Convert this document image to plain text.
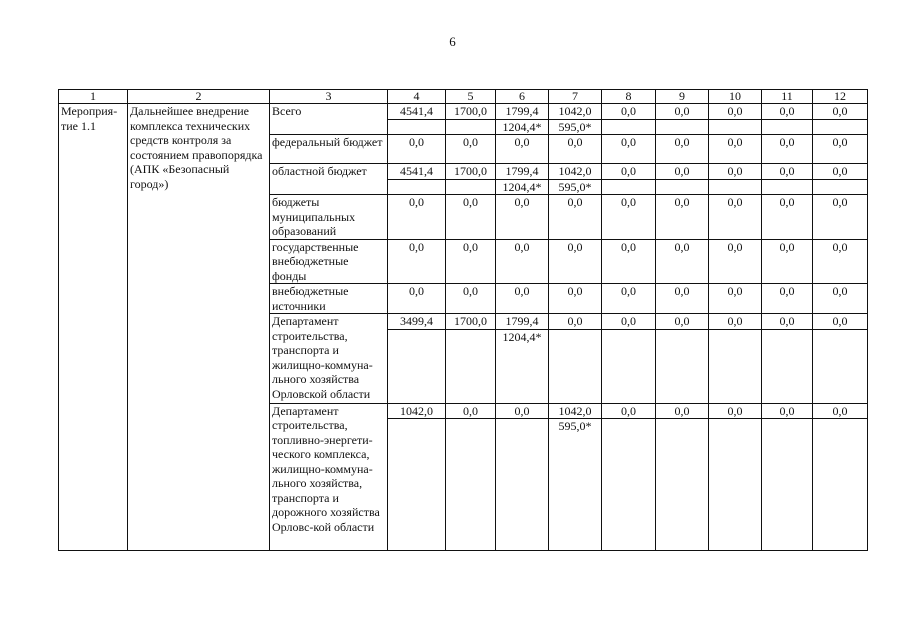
6
1	2	3	4	5	6	7	8	9	10	11	12
Мероприя-тие 1.1	Дальнейшее внедрение комплекса технических средств контроля за состоянием правопорядка (АПК «Безопасный город»)	Всего	4541,4	1700,0	1799,4	1042,0	0,0	0,0	0,0	0,0	0,0
					1204,4*	595,0*					
		федеральный бюджет	0,0	0,0	0,0	0,0	0,0	0,0	0,0	0,0	0,0
		областной бюджет	4541,4	1700,0	1799,4	1042,0	0,0	0,0	0,0	0,0	0,0
					1204,4*	595,0*					
		бюджеты муниципальных образований	0,0	0,0	0,0	0,0	0,0	0,0	0,0	0,0	0,0
		государственные внебюджетные фонды	0,0	0,0	0,0	0,0	0,0	0,0	0,0	0,0	0,0
		внебюджетные источники	0,0	0,0	0,0	0,0	0,0	0,0	0,0	0,0	0,0
		Департамент строительства, транспорта и жилищно-коммуна-льного хозяйства Орловской области	3499,4	1700,0	1799,4	0,0	0,0	0,0	0,0	0,0	0,0
					1204,4*						
		Департамент строительства, топливно-энергети-ческого комплекса, жилищно-коммуна-льного хозяйства, транспорта и дорожного хозяйства Орловс-кой области	1042,0	0,0	0,0	1042,0	0,0	0,0	0,0	0,0	0,0
						595,0*					
